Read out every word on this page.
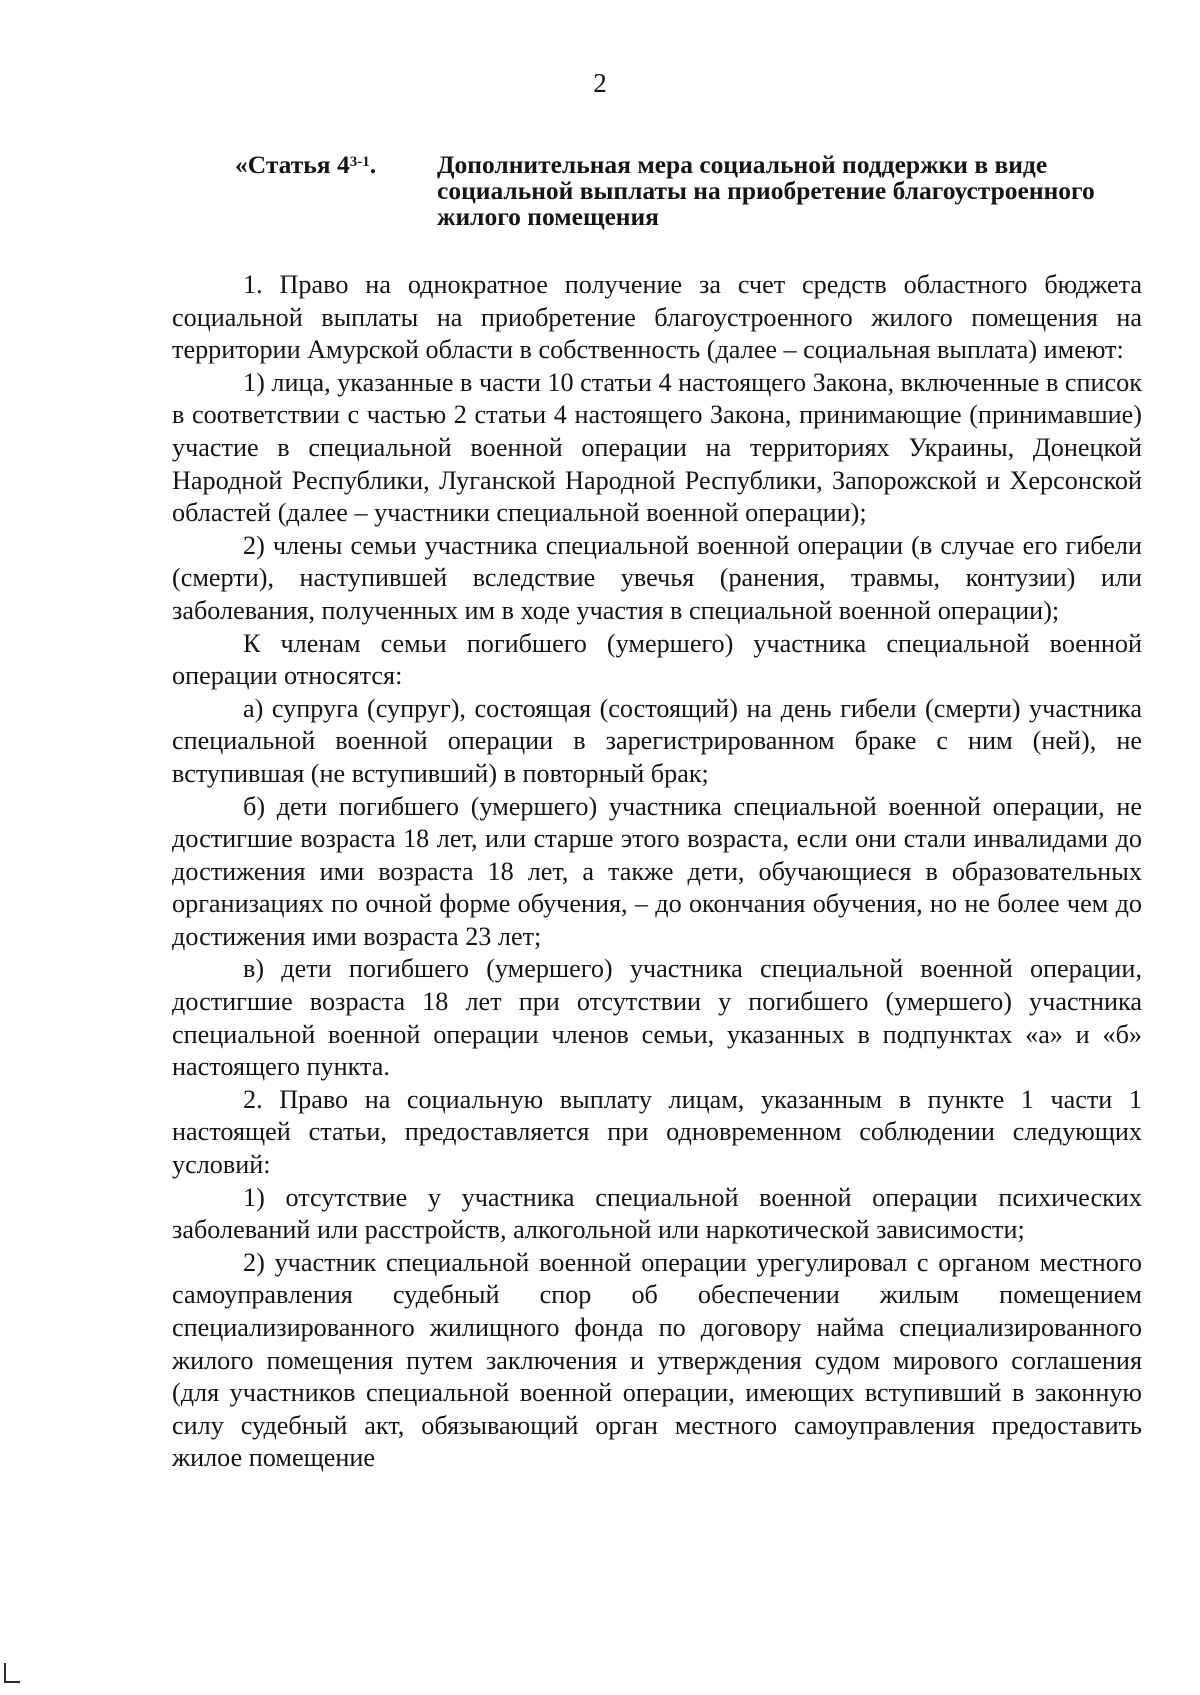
2
«Статья 4$^{3-1}$. Дополнительная мера социальной поддержки в виде социальной выплаты на приобретение благоустроенного жилого помещения

1. Право на однократное получение за счет средств областного бюджета социальной выплаты на приобретение благоустроенного жилого помещения на территории Амурской области в собственность (далее – социальная выплата) имеют:

1) лица, указанные в части 10 статьи 4 настоящего Закона, включенные в список в соответствии с частью 2 статьи 4 настоящего Закона, принимающие (принимавшие) участие в специальной военной операции на территориях Украины, Донецкой Народной Республики, Луганской Народной Республики, Запорожской и Херсонской областей (далее – участники специальной военной операции);

2) члены семьи участника специальной военной операции (в случае его гибели (смерти), наступившей вследствие увечья (ранения, травмы, контузии) или заболевания, полученных им в ходе участия в специальной военной операции);

К членам семьи погибшего (умершего) участника специальной военной операции относятся:

а) супруга (супруг), состоящая (состоящий) на день гибели (смерти) участника специальной военной операции в зарегистрированном браке с ним (ней), не вступившая (не вступивший) в повторный брак;

б) дети погибшего (умершего) участника специальной военной операции, не достигшие возраста 18 лет, или старше этого возраста, если они стали инвалидами до достижения ими возраста 18 лет, а также дети, обучающиеся в образовательных организациях по очной форме обучения, – до окончания обучения, но не более чем до достижения ими возраста 23 лет;

в) дети погибшего (умершего) участника специальной военной операции, достигшие возраста 18 лет при отсутствии у погибшего (умершего) участника специальной военной операции членов семьи, указанных в подпунктах «а» и «б» настоящего пункта.

2. Право на социальную выплату лицам, указанным в пункте 1 части 1 настоящей статьи, предоставляется при одновременном соблюдении следующих условий:

1) отсутствие у участника специальной военной операции психических заболеваний или расстройств, алкогольной или наркотической зависимости;

2) участник специальной военной операции урегулировал с органом местного самоуправления судебный спор об обеспечении жилым помещением специализированного жилищного фонда по договору найма специализированного жилого помещения путем заключения и утверждения судом мирового соглашения (для участников специальной военной операции, имеющих вступивший в законную силу судебный акт, обязывающий орган местного самоуправления предоставить жилое помещение
